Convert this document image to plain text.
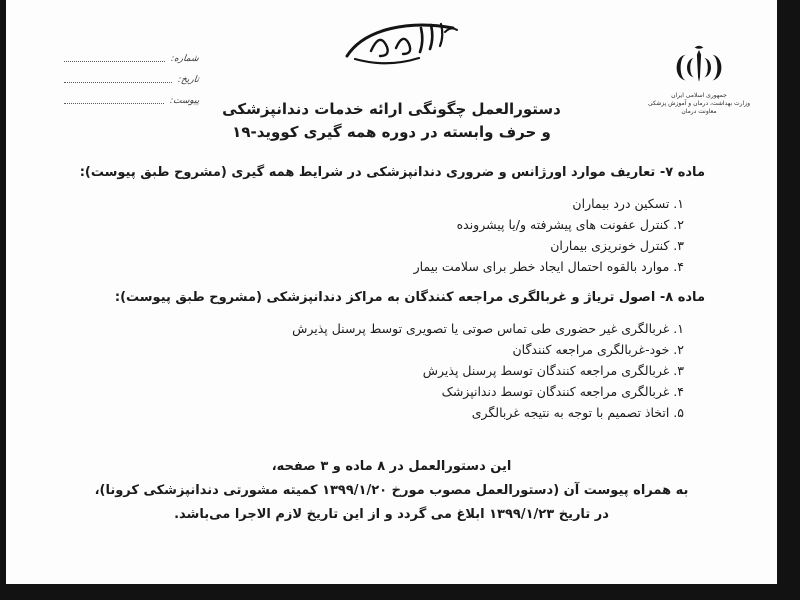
شماره:
تاریخ:
پیوست:
جمهوری اسلامی ایران
وزارت بهداشت، درمان و آموزش پزشکی
معاونت درمان
دستورالعمل چگونگی ارائه خدمات دندانپزشکی
و حرف وابسته در دوره همه گیری کووید-۱۹
ماده ۷- تعاریف موارد اورژانس و ضروری دندانپزشکی در شرایط همه گیری (مشروح طبق پیوست):
۱. تسکین درد بیماران
۲. کنترل عفونت های پیشرفته و/یا پیشرونده
۳. کنترل خونریزی بیماران
۴. موارد بالقوه احتمال ایجاد خطر برای سلامت بیمار
ماده ۸- اصول تریاژ و غربالگری مراجعه کنندگان به مراکز دندانپزشکی (مشروح طبق پیوست):
۱. غربالگری غیر حضوری طی تماس صوتی یا تصویری توسط پرسنل پذیرش
۲. خود-غربالگری مراجعه کنندگان
۳. غربالگری مراجعه کنندگان توسط پرسنل پذیرش
۴. غربالگری مراجعه کنندگان توسط دندانپزشک
۵. اتخاذ تصمیم با توجه به نتیجه غربالگری
این دستورالعمل در ۸ ماده و ۳ صفحه،
به همراه پیوست آن (دستورالعمل مصوب مورخ ۱۳۹۹/۱/۲۰ کمیته مشورتی دندانپزشکی کرونا)،
در تاریخ ۱۳۹۹/۱/۲۳ ابلاغ می گردد و از این تاریخ لازم الاجرا می‌باشد.
